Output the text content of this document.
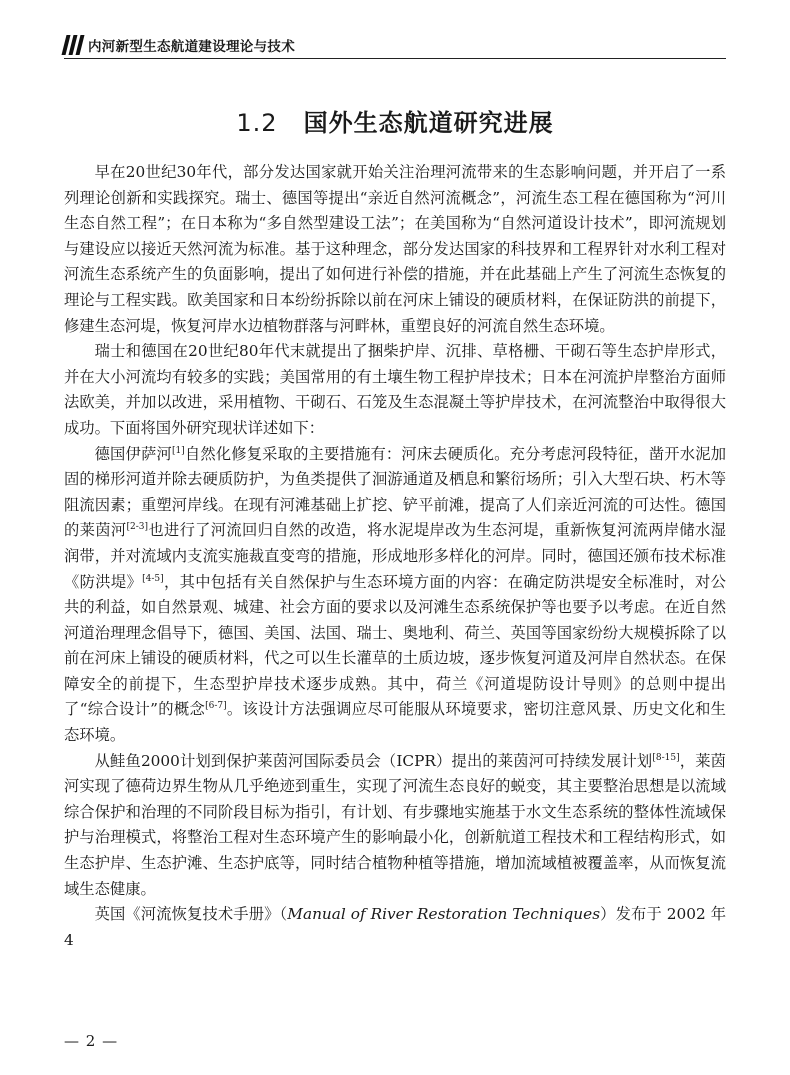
内河新型生态航道建设理论与技术
1.2 国外生态航道研究进展

早在20世纪30年代，部分发达国家就开始关注治理河流带来的生态影响问题，并开启了一系列理论创新和实践探究。瑞士、德国等提出“亲近自然河流概念”，河流生态工程在德国称为“河川生态自然工程”；在日本称为“多自然型建设工法”；在美国称为“自然河道设计技术”，即河流规划与建设应以接近天然河流为标准。基于这种理念，部分发达国家的科技界和工程界针对水利工程对河流生态系统产生的负面影响，提出了如何进行补偿的措施，并在此基础上产生了河流生态恢复的理论与工程实践。欧美国家和日本纷纷拆除以前在河床上铺设的硬质材料，在保证防洪的前提下，修建生态河堤，恢复河岸水边植物群落与河畔林，重塑良好的河流自然生态环境。

瑞士和德国在20世纪80年代末就提出了捆柴护岸、沉排、草格栅、干砌石等生态护岸形式，并在大小河流均有较多的实践；美国常用的有土壤生物工程护岸技术；日本在河流护岸整治方面师法欧美，并加以改进，采用植物、干砌石、石笼及生态混凝土等护岸技术，在河流整治中取得很大成功。下面将国外研究现状详述如下：

德国伊萨河[1]自然化修复采取的主要措施有：河床去硬质化。充分考虑河段特征，凿开水泥加固的梯形河道并除去硬质防护，为鱼类提供了洄游通道及栖息和繁衍场所；引入大型石块、朽木等阻流因素；重塑河岸线。在现有河滩基础上扩挖、铲平前滩，提高了人们亲近河流的可达性。德国的莱茵河[2-3]也进行了河流回归自然的改造，将水泥堤岸改为生态河堤，重新恢复河流两岸储水湿润带，并对流域内支流实施裁直变弯的措施，形成地形多样化的河岸。同时，德国还颁布技术标准《防洪堤》[4-5]，其中包括有关自然保护与生态环境方面的内容：在确定防洪堤安全标准时，对公共的利益，如自然景观、城建、社会方面的要求以及河滩生态系统保护等也要予以考虑。在近自然河道治理理念倡导下，德国、美国、法国、瑞士、奥地利、荷兰、英国等国家纷纷大规模拆除了以前在河床上铺设的硬质材料，代之可以生长灌草的土质边坡，逐步恢复河道及河岸自然状态。在保障安全的前提下，生态型护岸技术逐步成熟。其中，荷兰《河道堤防设计导则》的总则中提出了“综合设计”的概念[6-7]。该设计方法强调应尽可能服从环境要求，密切注意风景、历史文化和生态环境。

从鲑鱼2000计划到保护莱茵河国际委员会（ICPR）提出的莱茵河可持续发展计划[8-15]，莱茵河实现了德荷边界生物从几乎绝迹到重生，实现了河流生态良好的蜕变，其主要整治思想是以流域综合保护和治理的不同阶段目标为指引，有计划、有步骤地实施基于水文生态系统的整体性流域保护与治理模式，将整治工程对生态环境产生的影响最小化，创新航道工程技术和工程结构形式，如生态护岸、生态护滩、生态护底等，同时结合植物种植等措施，增加流域植被覆盖率，从而恢复流域生态健康。

英国《河流恢复技术手册》（Manual of River Restoration Techniques）发布于 2002 年 4

— 2 —
